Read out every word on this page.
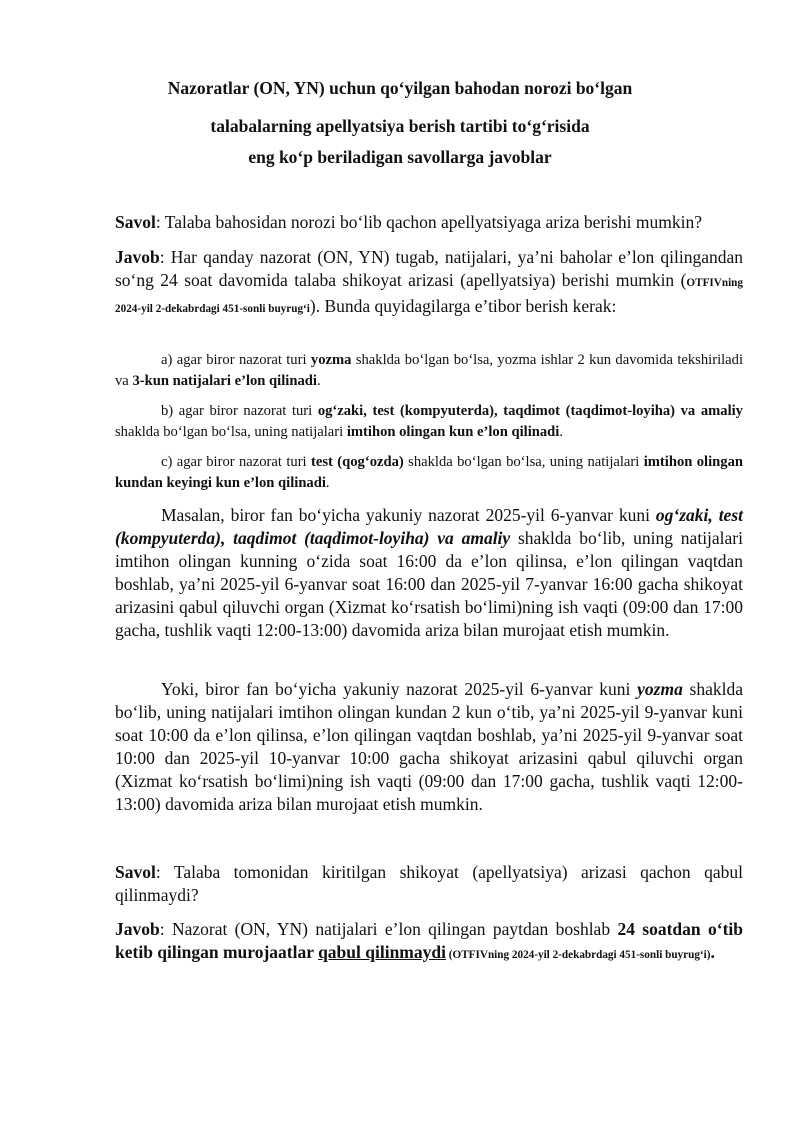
Nazoratlar (ON, YN) uchun qo‘yilgan bahodan norozi bo‘lgan
talabalarning apellyatsiya berish tartibi to‘g‘risida
eng ko‘p beriladigan savollarga javoblar

Savol: Talaba bahosidan norozi bo‘lib qachon apellyatsiyaga ariza berishi mumkin?

Javob: Har qanday nazorat (ON, YN) tugab, natijalari, ya’ni baholar e’lon qilingandan so‘ng 24 soat davomida talaba shikoyat arizasi (apellyatsiya) berishi mumkin (OTFIVning 2024-yil 2-dekabrdagi 451-sonli buyrug‘i). Bunda quyidagilarga e’tibor berish kerak:

a) agar biror nazorat turi yozma shaklda bo‘lgan bo‘lsa, yozma ishlar 2 kun davomida tekshiriladi va 3-kun natijalari e’lon qilinadi.

b) agar biror nazorat turi og‘zaki, test (kompyuterda), taqdimot (taqdimot-loyiha) va amaliy shaklda bo‘lgan bo‘lsa, uning natijalari imtihon olingan kun e’lon qilinadi.

c) agar biror nazorat turi test (qog‘ozda) shaklda bo‘lgan bo‘lsa, uning natijalari imtihon olingan kundan keyingi kun e’lon qilinadi.

Masalan, biror fan bo‘yicha yakuniy nazorat 2025-yil 6-yanvar kuni og‘zaki, test (kompyuterda), taqdimot (taqdimot-loyiha) va amaliy shaklda bo‘lib, uning natijalari imtihon olingan kunning o‘zida soat 16:00 da e’lon qilinsa, e’lon qilingan vaqtdan boshlab, ya’ni 2025-yil 6-yanvar soat 16:00 dan 2025-yil 7-yanvar 16:00 gacha shikoyat arizasini qabul qiluvchi organ (Xizmat ko‘rsatish bo‘limi)ning ish vaqti (09:00 dan 17:00 gacha, tushlik vaqti 12:00-13:00) davomida ariza bilan murojaat etish mumkin.

Yoki, biror fan bo‘yicha yakuniy nazorat 2025-yil 6-yanvar kuni yozma shaklda bo‘lib, uning natijalari imtihon olingan kundan 2 kun o‘tib, ya’ni 2025-yil 9-yanvar kuni soat 10:00 da e’lon qilinsa, e’lon qilingan vaqtdan boshlab, ya’ni 2025-yil 9-yanvar soat 10:00 dan 2025-yil 10-yanvar 10:00 gacha shikoyat arizasini qabul qiluvchi organ (Xizmat ko‘rsatish bo‘limi)ning ish vaqti (09:00 dan 17:00 gacha, tushlik vaqti 12:00-13:00) davomida ariza bilan murojaat etish mumkin.

Savol: Talaba tomonidan kiritilgan shikoyat (apellyatsiya) arizasi qachon qabul qilinmaydi?

Javob: Nazorat (ON, YN) natijalari e’lon qilingan paytdan boshlab 24 soatdan o‘tib ketib qilingan murojaatlar qabul qilinmaydi (OTFIVning 2024-yil 2-dekabrdagi 451-sonli buyrug‘i).
